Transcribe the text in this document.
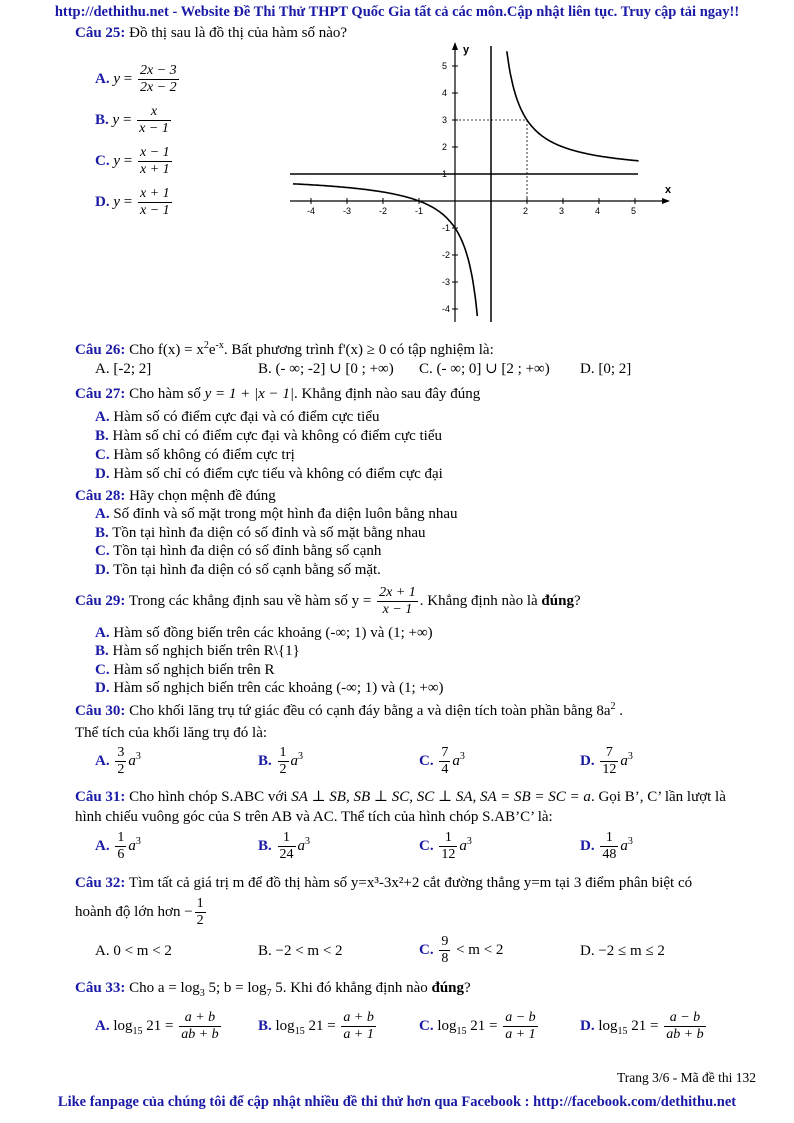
http://dethithu.net - Website Đề Thi Thử THPT Quốc Gia tất cả các môn.Cập nhật liên tục. Truy cập tải ngay!!
Trang 3/6 - Mã đề thi 132
Like fanpage của chúng tôi để cập nhật nhiều đề thi thử hơn qua Facebook : http://facebook.com/dethithu.net
Câu 25: Đồ thị sau là đồ thị của hàm số nào?
A. $y = \frac{2x - 3}{2x - 2}$
B. $y = \frac{x}{x - 1}$
C. $y = \frac{x - 1}{x + 1}$
D. $y = \frac{x + 1}{x - 1}$	x
y
-4	-3	-2	-1	2	3	4	5
5
4
3
2
1
-1
-2
-3
-4
Câu 26: Cho $f(x) = x^2e^{-x}$. Bất phương trình f'(x) ≥ 0 có tập nghiệm là:
A. [-2; 2]	B. (- ∞; -2] ∪ [0 ; +∞) C. (- ∞; 0] ∪ [2 ; +∞) D. [0; 2]
Câu 27: Cho hàm số y = 1 + |x − 1|. Khẳng định nào sau đây đúng
A. Hàm số có điểm cực đại và có điểm cực tiểu
B. Hàm số chỉ có điểm cực đại và không có điểm cực tiểu
C. Hàm số không có điểm cực trị
D. Hàm số chỉ có điểm cực tiểu và không có điểm cực đại
Câu 28: Hãy chọn mệnh đề đúng
A. Số đỉnh và số mặt trong một hình đa diện luôn bằng nhau
B. Tồn tại hình đa diện có số đỉnh và số mặt bằng nhau
C. Tồn tại hình đa diện có số đỉnh bằng số cạnh
D. Tồn tại hình đa diện có số cạnh bằng số mặt.
Câu 29: Trong các khẳng định sau về hàm số $y = \frac{2x + 1}{x - 1}$ . Khẳng định nào là đúng?
A. Hàm số đồng biến trên các khoảng (-∞; 1) và (1; +∞)
B. Hàm số nghịch biến trên R\{1}
C. Hàm số nghịch biến trên R
D. Hàm số nghịch biến trên các khoảng (-∞; 1) và (1; +∞)
Câu 30: Cho khối lăng trụ tứ giác đều có cạnh đáy bằng a và diện tích toàn phần bằng $8a^2$ .
Thể tích của khối lăng trụ đó là:
A. $\frac{3}{2} a^3$	B. $\frac{1}{2} a^3$	C. $\frac{7}{4} a^3$	D. $\frac{7}{12} a^3$
Câu 31: Cho hình chóp S.ABC với SA ⊥ SB, SB ⊥ SC, SC ⊥ SA, SA = SB = SC = a. Gọi B’, C’ lần lượt là
hình chiếu vuông góc của S trên AB và AC. Thể tích của hình chóp S.AB’C’ là:
A. $\frac{1}{6} a^3$	B. $\frac{1}{24} a^3$	C. $\frac{1}{12} a^3$	D. $\frac{1}{48} a^3$
Câu 32: Tìm tất cả giá trị m để đồ thị hàm số y=x³-3x²+2 cắt đường thẳng y=m tại 3 điểm phân biệt có
hoành độ lớn hơn − $\frac{1}{2}$
A. 0 < m < 2	B. −2 < m < 2	C. $\frac{9}{8} < m < 2$	D. −2 ≤ m ≤ 2
Câu 33: Cho $a = \log_3 5$; $b = \log_7 5$. Khi đó khẳng định nào đúng?
A. $\log_{15} 21 = \frac{a + b}{ab + b} B$. $\log_{15} 21 = \frac{a + b}{a + 1}$	C. $\log_{15} 21 = \frac{a - b}{a + 1}$	D. $\log_{15} 21 = \frac{a - b}{ab + b}$
